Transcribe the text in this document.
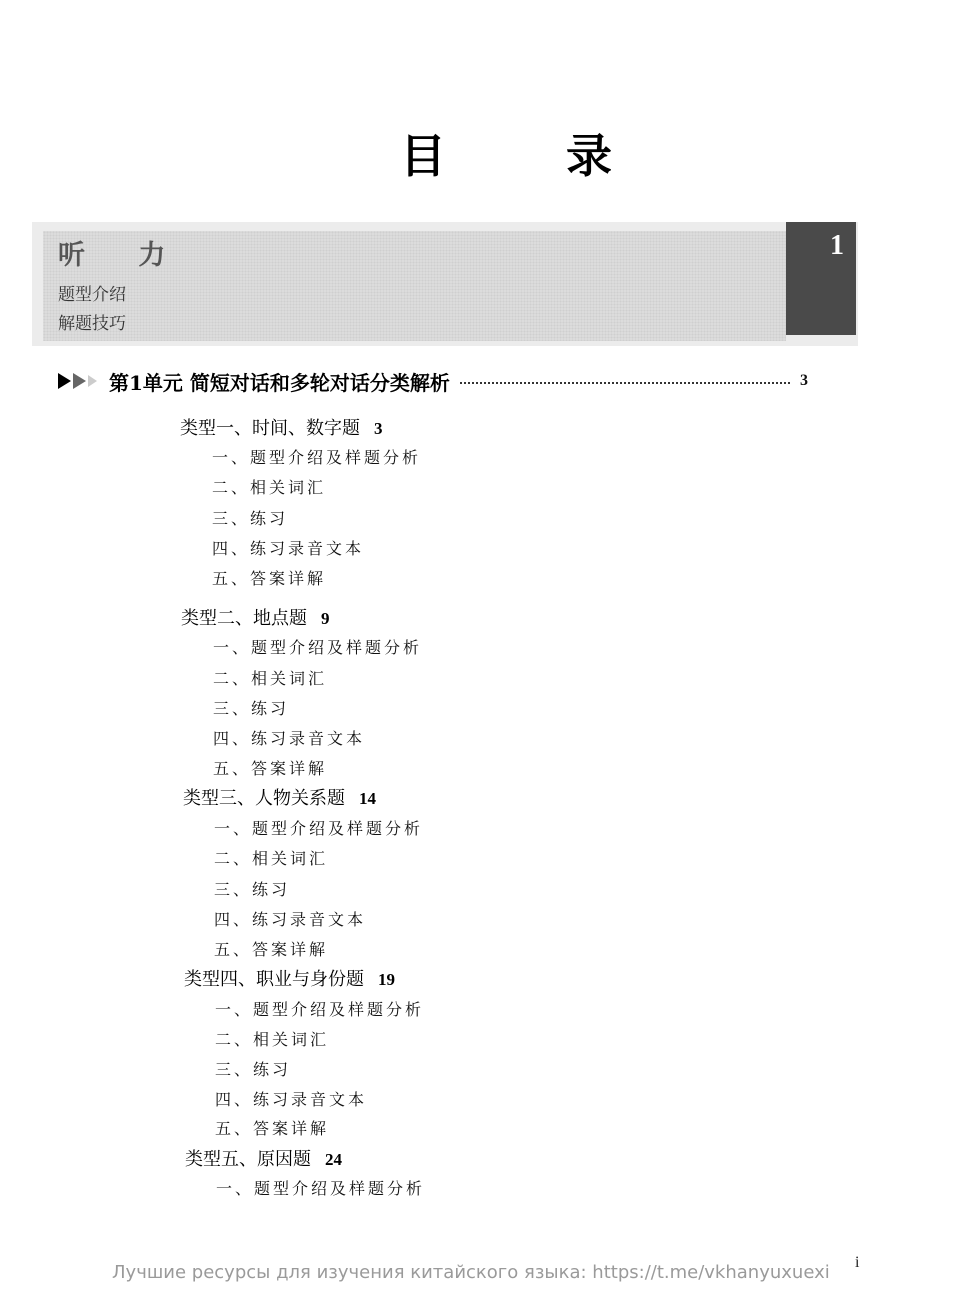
目 录
听 力
题型介绍
解题技巧
1
第1单元 简短对话和多轮对话分类解析	3
类型一、时间、数字题 3
一、题型介绍及样题分析
二、相关词汇
三、练习
四、练习录音文本
五、答案详解
类型二、地点题 9
一、题型介绍及样题分析
二、相关词汇
三、练习
四、练习录音文本
五、答案详解
类型三、人物关系题 14
一、题型介绍及样题分析
二、相关词汇
三、练习
四、练习录音文本
五、答案详解
类型四、职业与身份题 19
一、题型介绍及样题分析
二、相关词汇
三、练习
四、练习录音文本
五、答案详解
类型五、原因题 24
一、题型介绍及样题分析
Лучшие ресурсы для изучения китайского языка: https://t.me/vkhanyuxuexi i
